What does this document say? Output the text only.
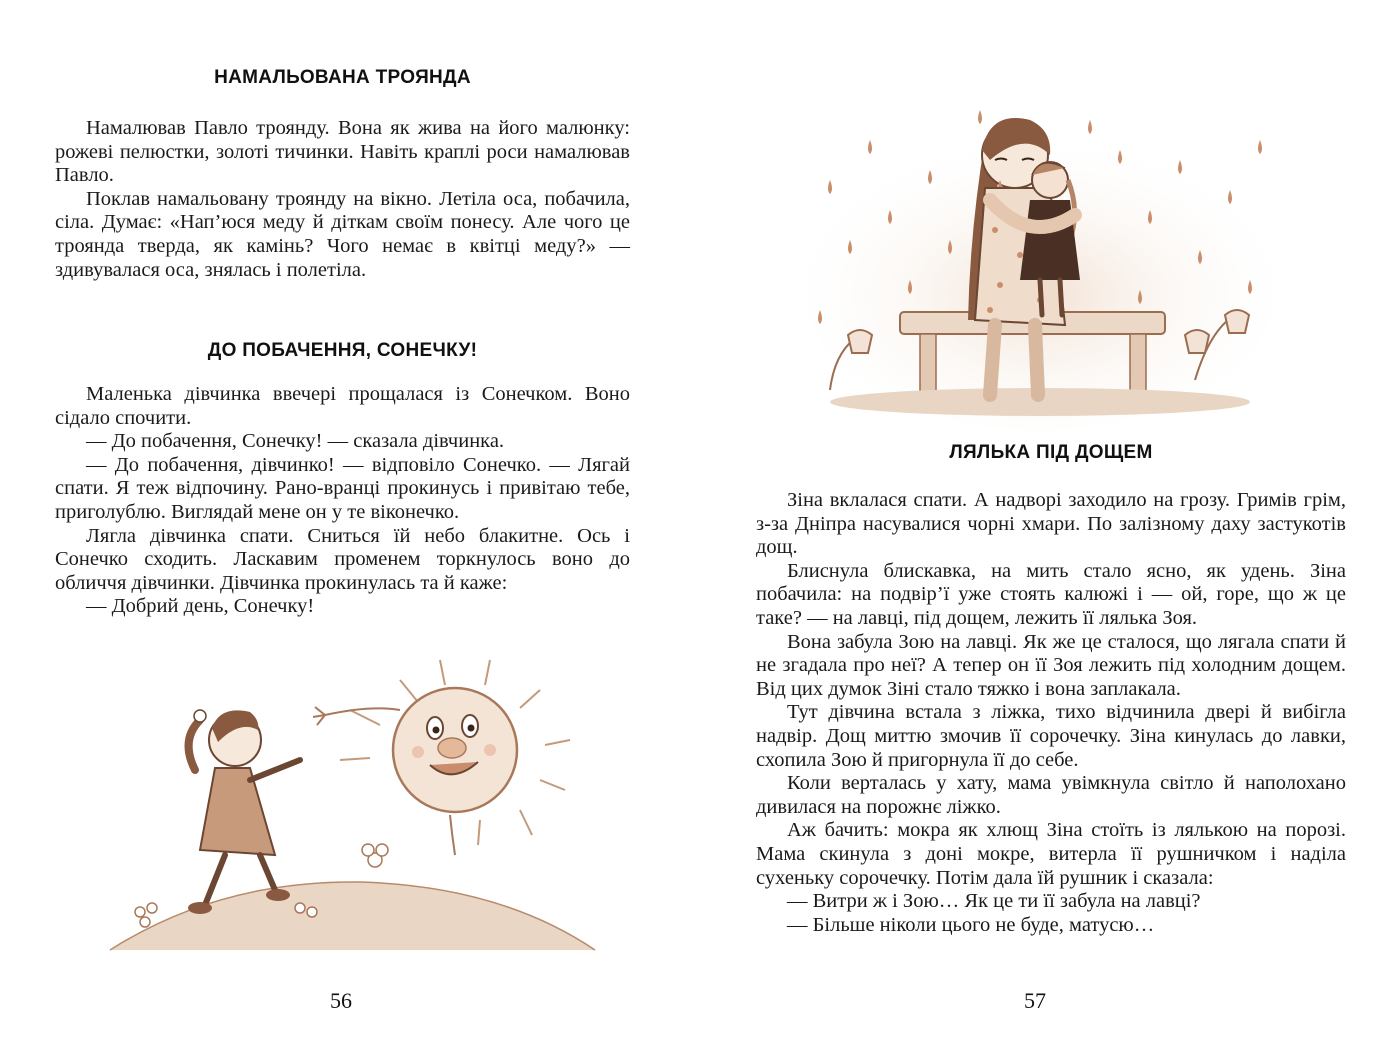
НАМАЛЬОВАНА ТРОЯНДА

Намалював Павло троянду. Вона як жива на його малюнку: рожеві пелюстки, золоті тичинки. Навіть краплі роси намалював Павло.

Поклав намальовану троянду на вікно. Летіла оса, побачила, сіла. Думає: «Нап’юся меду й діткам своїм понесу. Але чого це троянда тверда, як камінь? Чого немає в квітці меду?» — здивувалася оса, знялась і полетіла.

ДО ПОБАЧЕННЯ, СОНЕЧКУ!

Маленька дівчинка ввечері прощалася із Сонечком. Воно сідало спочити.

— До побачення, Сонечку! — сказала дівчинка.

— До побачення, дівчинко! — відповіло Сонечко. — Лягай спати. Я теж відпочину. Рано-вранці прокинусь і привітаю тебе, приголублю. Виглядай мене он у те віконечко.

Лягла дівчинка спати. Сниться їй небо блакитне. Ось і Сонечко сходить. Ласкавим променем торкнулось воно до обличчя дівчинки. Дівчинка прокинулась та й каже:

— Добрий день, Сонечку!

56

ЛЯЛЬКА ПІД ДОЩЕМ

Зіна вклалася спати. А надворі заходило на грозу. Гримів грім, з-за Дніпра насувалися чорні хмари. По залізному даху застукотів дощ.

Блиснула блискавка, на мить стало ясно, як удень. Зіна побачила: на подвір’ї уже стоять калюжі і — ой, горе, що ж це таке? — на лавці, під дощем, лежить її лялька Зоя.

Вона забула Зою на лавці. Як же це сталося, що лягала спати й не згадала про неї? А тепер он її Зоя лежить під холодним дощем. Від цих думок Зіні стало тяжко і вона заплакала.

Тут дівчина встала з ліжка, тихо відчинила двері й вибігла надвір. Дощ миттю змочив її сорочечку. Зіна кинулась до лавки, схопила Зою й пригорнула її до себе.

Коли верталась у хату, мама увімкнула світло й наполохано дивилася на порожнє ліжко.

Аж бачить: мокра як хлющ Зіна стоїть із лялькою на порозі. Мама скинула з доні мокре, витерла її рушничком і наділа сухеньку сорочечку. Потім дала їй рушник і сказала:

— Витри ж і Зою… Як це ти її забула на лавці?

— Більше ніколи цього не буде, матусю…

57
